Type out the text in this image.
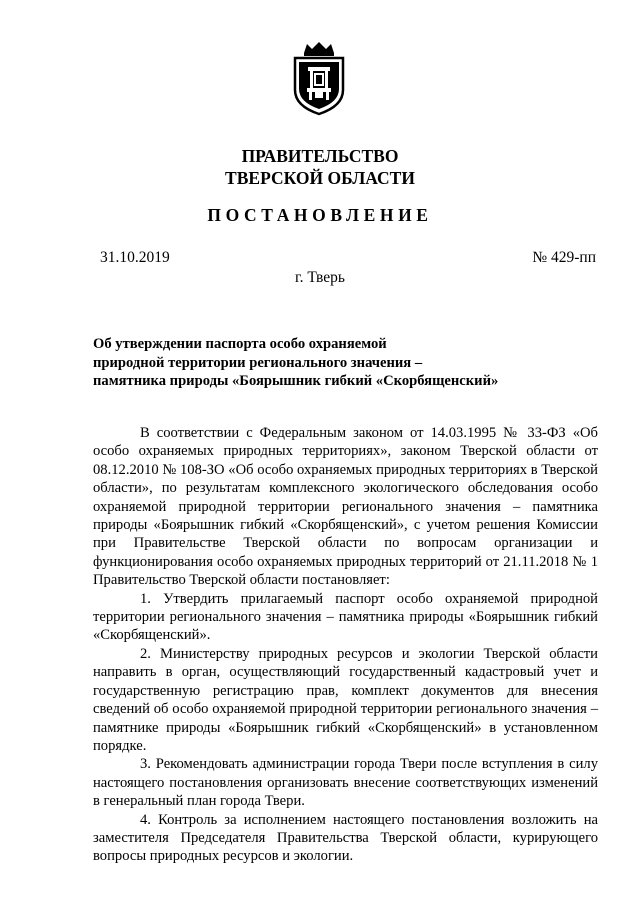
ПРАВИТЕЛЬСТВО
ТВЕРСКОЙ ОБЛАСТИ
ПОСТАНОВЛЕНИЕ
31.10.2019	№ 429-пп
г. Тверь
Об утверждении паспорта особо охраняемой
природной территории регионального значения –
памятника природы «Боярышник гибкий «Скорбященский»

В соответствии с Федеральным законом от 14.03.1995 № 33-ФЗ «Об особо охраняемых природных территориях», законом Тверской области от 08.12.2010 № 108-ЗО «Об особо охраняемых природных территориях в Тверской области», по результатам комплексного экологического обследования особо охраняемой природной территории регионального значения – памятника природы «Боярышник гибкий «Скорбященский», с учетом решения Комиссии при Правительстве Тверской области по вопросам организации и функционирования особо охраняемых природных территорий от 21.11.2018 № 1 Правительство Тверской области постановляет:

1. Утвердить прилагаемый паспорт особо охраняемой природной территории регионального значения – памятника природы «Боярышник гибкий «Скорбященский».

2. Министерству природных ресурсов и экологии Тверской области направить в орган, осуществляющий государственный кадастровый учет и государственную регистрацию прав, комплект документов для внесения сведений об особо охраняемой природной территории регионального значения – памятнике природы «Боярышник гибкий «Скорбященский» в установленном порядке.

3. Рекомендовать администрации города Твери после вступления в силу настоящего постановления организовать внесение соответствующих изменений в генеральный план города Твери.

4. Контроль за исполнением настоящего постановления возложить на заместителя Председателя Правительства Тверской области, курирующего вопросы природных ресурсов и экологии.
